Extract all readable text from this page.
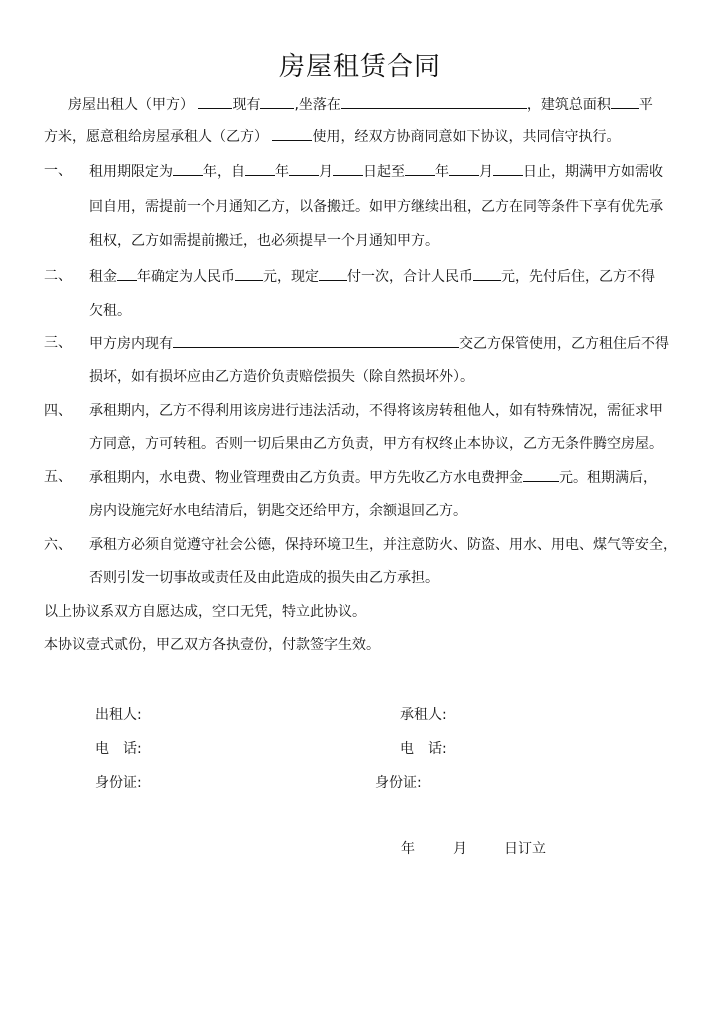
房屋租赁合同
房屋出租人（甲方）	现有 ,坐落在	，建筑总面积 平
方米，愿意租给房屋承租人（乙方）	使用，经双方协商同意如下协议，共同信守执行。
一、 租用期限定为 年，自 年 月 日起至 年 月 日止，期满甲方如需收
回自用，需提前一个月通知乙方，以备搬迁。如甲方继续出租，乙方在同等条件下享有优先承
租权，乙方如需提前搬迁，也必须提早一个月通知甲方。
二、 租金 年确定为人民币 元，现定 付一次，合计人民币 元，先付后住，乙方不得
欠租。
三、 甲方房内现有	交乙方保管使用，乙方租住后不得
损坏，如有损坏应由乙方造价负责赔偿损失（除自然损坏外）。
四、 承租期内，乙方不得利用该房进行违法活动，不得将该房转租他人，如有特殊情况，需征求甲
方同意，方可转租。否则一切后果由乙方负责，甲方有权终止本协议，乙方无条件腾空房屋。
五、 承租期内，水电费、物业管理费由乙方负责。甲方先收乙方水电费押金	元。租期满后，
房内设施完好水电结清后，钥匙交还给甲方，余额退回乙方。
六、 承租方必须自觉遵守社会公德，保持环境卫生，并注意防火、防盗、用水、用电、煤气等安全，
否则引发一切事故或责任及由此造成的损失由乙方承担。
以上协议系双方自愿达成，空口无凭，特立此协议。
本协议壹式贰份，甲乙双方各执壹份，付款签字生效。
出租人:
电　话:
身份证:
承租人:
电　话:
身份证:
年	月	日订立
